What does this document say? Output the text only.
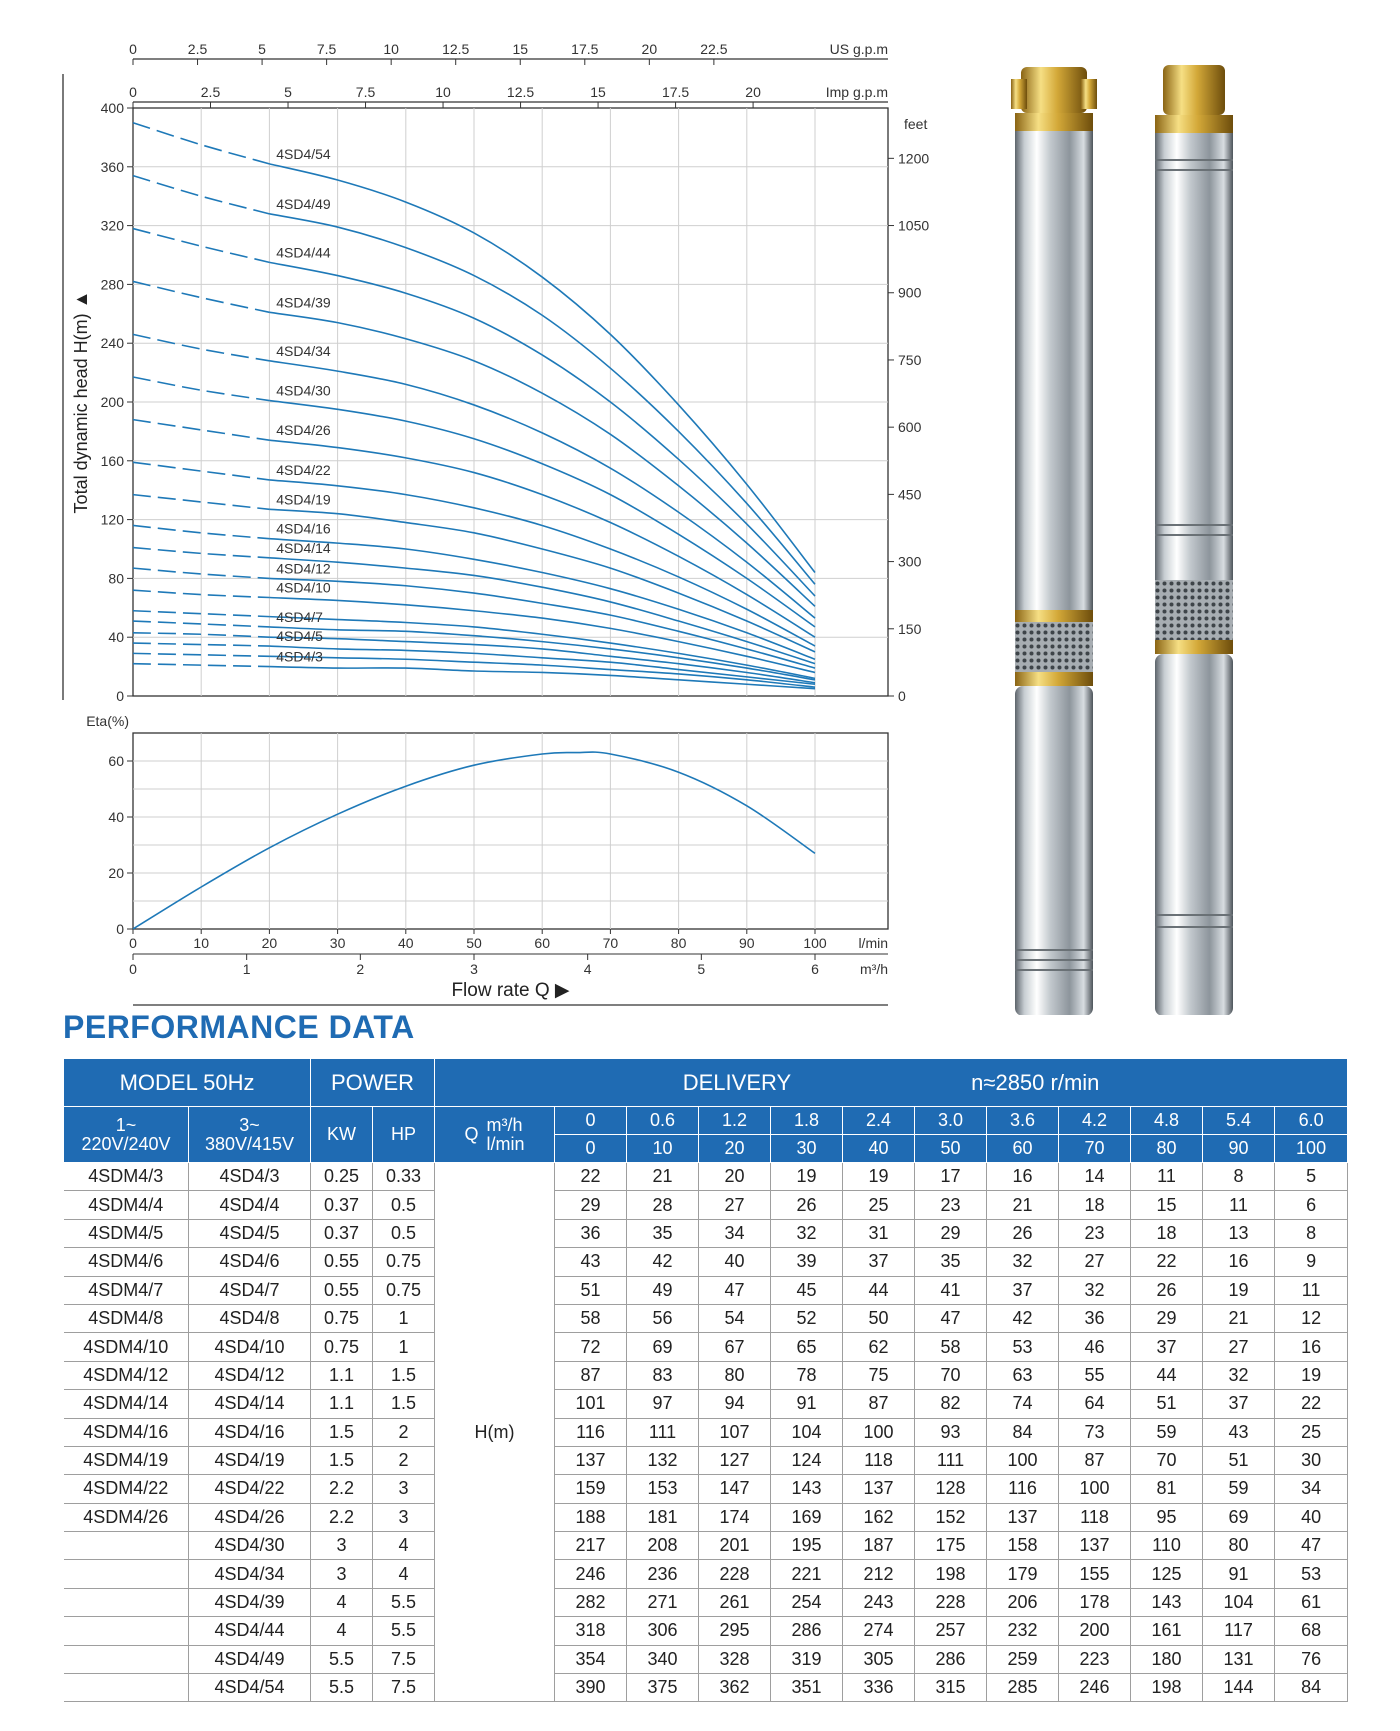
0
40
80
120
160
200
240
280
320
360
400
Total dynamic head H(m) ▲
feet
0
150
300
450
600
750
900
1050
1200
0	2.5	5	7.5	10	12.5	15	17.5	20	22.5	US g.p.m
0	2.5	5	7.5	10	12.5	15	17.5	20	Imp g.p.m
4SD4/54
4SD4/49
4SD4/44
4SD4/39
4SD4/34
4SD4/30
4SD4/26
4SD4/22
4SD4/19
4SD4/16
4SD4/14
4SD4/12
4SD4/10
4SD4/7
4SD4/5
4SD4/3
0
20
40
60
Eta(%)
0	10	20	30	40	50	60	70	80	90	100 l/min
0	1	2	3	4	5	6	m³/h
Flow rate Q ▶
PERFORMANCE DATA
MODEL 50Hz		POWER		DELIVERY n≈2850 r/min											

1~
220V/240V	3~
380V/415V	KW	HP	Q m³/h
l/min	0	0.6	1.2	1.8	2.4	3.0	3.6	4.2	4.8	5.4	6.0
					0	10	20	30	40	50	60	70	80	90	100
4SDM4/3	4SD4/3	0.25	0.33	H(m)	22	21	20	19	19	17	16	14	11	8	5
4SDM4/4	4SD4/4	0.37	0.5		29	28	27	26	25	23	21	18	15	11	6
4SDM4/5	4SD4/5	0.37	0.5		36	35	34	32	31	29	26	23	18	13	8
4SDM4/6	4SD4/6	0.55	0.75		43	42	40	39	37	35	32	27	22	16	9
4SDM4/7	4SD4/7	0.55	0.75		51	49	47	45	44	41	37	32	26	19	11
4SDM4/8	4SD4/8	0.75	1		58	56	54	52	50	47	42	36	29	21	12
4SDM4/10	4SD4/10	0.75	1		72	69	67	65	62	58	53	46	37	27	16
4SDM4/12	4SD4/12	1.1	1.5		87	83	80	78	75	70	63	55	44	32	19
4SDM4/14	4SD4/14	1.1	1.5		101	97	94	91	87	82	74	64	51	37	22
4SDM4/16	4SD4/16	1.5	2		116	111	107	104	100	93	84	73	59	43	25
4SDM4/19	4SD4/19	1.5	2		137	132	127	124	118	111	100	87	70	51	30
4SDM4/22	4SD4/22	2.2	3		159	153	147	143	137	128	116	100	81	59	34
4SDM4/26	4SD4/26	2.2	3		188	181	174	169	162	152	137	118	95	69	40
	4SD4/30	3	4		217	208	201	195	187	175	158	137	110	80	47
	4SD4/34	3	4		246	236	228	221	212	198	179	155	125	91	53
	4SD4/39	4	5.5		282	271	261	254	243	228	206	178	143	104	61
	4SD4/44	4	5.5		318	306	295	286	274	257	232	200	161	117	68
	4SD4/49	5.5	7.5		354	340	328	319	305	286	259	223	180	131	76
	4SD4/54	5.5	7.5		390	375	362	351	336	315	285	246	198	144	84
